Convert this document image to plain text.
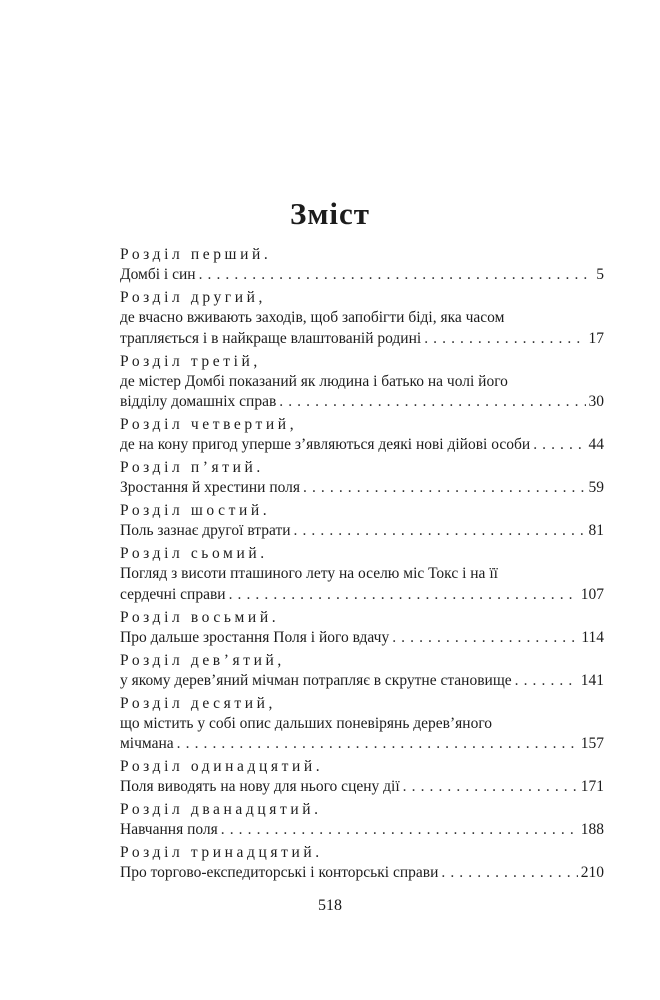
Зміст
Розділ перший.
Домбі і син . . .	5
Розділ другий,
де вчасно вживають заходів, щоб запобігти біді, яка часом
трапляється і в найкраще влаштованій родині . . .	17
Розділ третій,
де містер Домбі показаний як людина і батько на чолі його
відділу домашніх справ . . .	30
Розділ четвертий,
де на кону пригод уперше з’являються деякі нові дійові особи . . .	44
Розділ п’ятий.
Зростання й хрестини поля . . .	59
Розділ шостий.
Поль зазнає другої втрати . . .	81
Розділ сьомий.
Погляд з висоти пташиного лету на оселю міс Токс і на її
сердечні справи . . .	107
Розділ восьмий.
Про дальше зростання Поля і його вдачу . . .	114
Розділ дев’ятий,
у якому дерев’яний мічман потрапляє в скрутне становище . . .	141
Розділ десятий,
що містить у собі опис дальших поневірянь дерев’яного
мічмана . . .	157
Розділ одинадцятий.
Поля виводять на нову для нього сцену дії . . .	171
Розділ дванадцятий.
Навчання поля . . .	188
Розділ тринадцятий.
Про торгово-експедиторські і конторські справи . . .	210
518
